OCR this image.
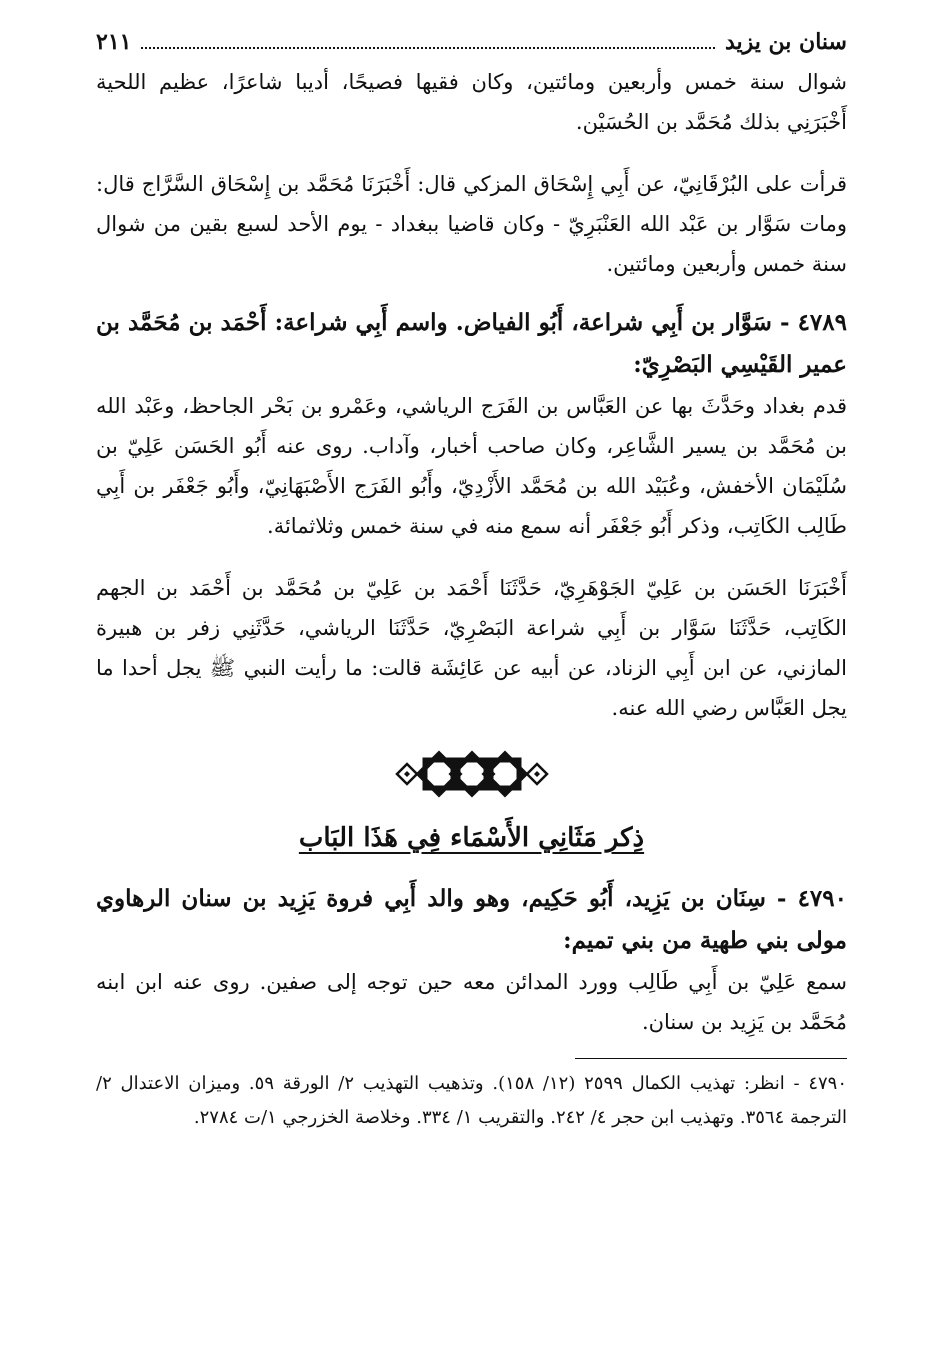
سنان بن يزيد
٢١١

شوال سنة خمس وأربعين ومائتين، وكان فقيها فصيحًا، أديبا شاعرًا، عظيم اللحية أَخْبَرَنِي بذلك مُحَمَّد بن الحُسَيْن.

قرأت على البُرْقَانِيّ، عن أَبِي إِسْحَاق المزكي قال: أَخْبَرَنَا مُحَمَّد بن إِسْحَاق السَّرَّاج قال: ومات سَوَّار بن عَبْد الله العَنْبَرِيّ - وكان قاضيا ببغداد - يوم الأحد لسبع بقين من شوال سنة خمس وأربعين ومائتين.

٤٧٨٩ - سَوَّار بن أَبِي شراعة، أَبُو الفياض. واسم أَبِي شراعة: أَحْمَد بن مُحَمَّد بن عمير القَيْسِي البَصْرِيّ:

قدم بغداد وحَدَّثَ بها عن العَبَّاس بن الفَرَج الرياشي، وعَمْرو بن بَحْر الجاحظ، وعَبْد الله بن مُحَمَّد بن يسير الشَّاعِر، وكان صاحب أخبار، وآداب. روى عنه أَبُو الحَسَن عَلِيّ بن سُلَيْمَان الأخفش، وعُبَيْد الله بن مُحَمَّد الأَزْدِيّ، وأَبُو الفَرَج الأَصْبَهَانِيّ، وأَبُو جَعْفَر بن أَبِي طَالِب الكَاتِب، وذكر أَبُو جَعْفَر أنه سمع منه في سنة خمس وثلاثمائة.

أَخْبَرَنَا الحَسَن بن عَلِيّ الجَوْهَرِيّ، حَدَّثَنَا أَحْمَد بن عَلِيّ بن مُحَمَّد بن أَحْمَد بن الجهم الكَاتِب، حَدَّثَنَا سَوَّار بن أَبِي شراعة البَصْرِيّ، حَدَّثَنَا الرياشي، حَدَّثَنِي زفر بن هبيرة المازني، عن ابن أَبِي الزناد، عن أبيه عن عَائِشَة قالت: ما رأيت النبي ﷺ يجل أحدا ما يجل العَبَّاس رضي الله عنه.

ذِكر مَثَانِي الأَسْمَاء فِي هَذَا البَاب

٤٧٩٠ - سِنَان بن يَزِيد، أَبُو حَكِيم، وهو والد أَبِي فروة يَزِيد بن سنان الرهاوي مولى بني طهية من بني تميم:

سمع عَلِيّ بن أَبِي طَالِب وورد المدائن معه حين توجه إلى صفين. روى عنه ابن ابنه مُحَمَّد بن يَزِيد بن سنان.

٤٧٩٠ - انظر: تهذيب الكمال ٢٥٩٩ (١٢/ ١٥٨). وتذهيب التهذيب ٢/ الورقة ٥٩. وميزان الاعتدال ٢/ الترجمة ٣٥٦٤. وتهذيب ابن حجر ٤/ ٢٤٢. والتقريب ١/ ٣٣٤. وخلاصة الخزرجي ١/ت ٢٧٨٤.
